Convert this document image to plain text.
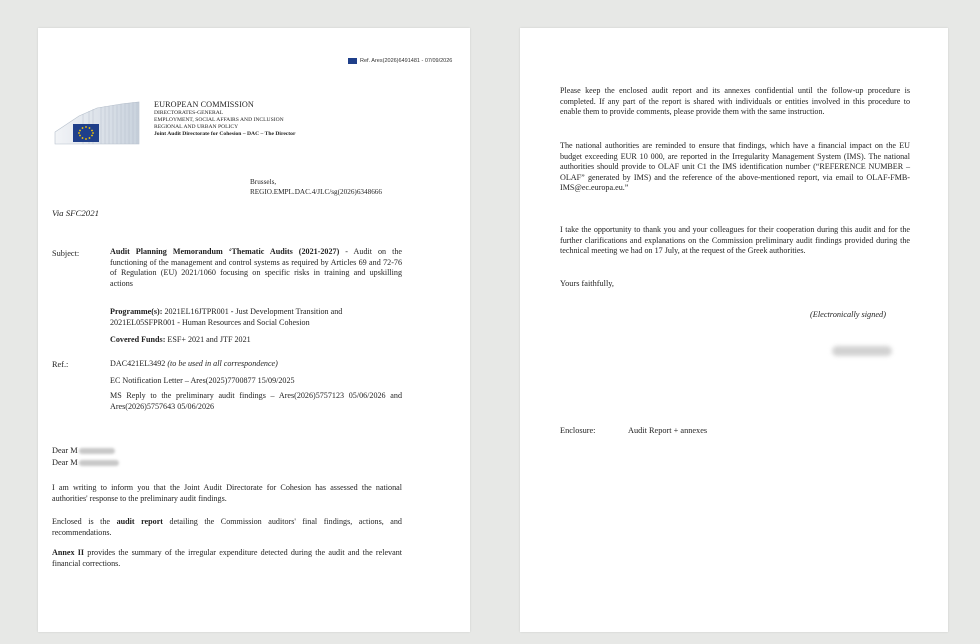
Ref. Ares(2026)6491481 - 07/09/2026
EUROPEAN COMMISSION
DIRECTORATES-GENERAL
EMPLOYMENT, SOCIAL AFFAIRS AND INCLUSION
REGIONAL AND URBAN POLICY
Joint Audit Directorate for Cohesion – DAC – The Director
Brussels,
REGIO.EMPL.DAC.4/JLC/sg(2026)6348666
Via SFC2021
Subject:	Audit Planning Memorandum ‘Thematic Audits (2021-2027) - Audit on the functioning of the management and control systems as required by Articles 69 and 72-76 of Regulation (EU) 2021/1060 focusing on specific risks in training and upskilling actions
Programme(s): 2021EL16JTPR001 - Just Development Transition and 2021EL05SFPR001 - Human Resources and Social Cohesion
Covered Funds: ESF+ 2021 and JTF 2021
Ref.:	DAC421EL3492 (to be used in all correspondence)
EC Notification Letter – Ares(2025)7700877 15/09/2025
MS Reply to the preliminary audit findings – Ares(2026)5757123 05/06/2026 and Ares(2026)5757643 05/06/2026
Dear M
Dear M
I am writing to inform you that the Joint Audit Directorate for Cohesion has assessed the national authorities' response to the preliminary audit findings.
Enclosed is the audit report detailing the Commission auditors' final findings, actions, and recommendations.
Annex II provides the summary of the irregular expenditure detected during the audit and the relevant financial corrections.
Please keep the enclosed audit report and its annexes confidential until the follow-up procedure is completed. If any part of the report is shared with individuals or entities involved in this procedure to enable them to provide comments, please provide them with the same instruction.
The national authorities are reminded to ensure that findings, which have a financial impact on the EU budget exceeding EUR 10 000, are reported in the Irregularity Management System (IMS). The national authorities should provide to OLAF unit C1 the IMS identification number (“REFERENCE NUMBER – OLAF” generated by IMS) and the reference of the above-mentioned report, via email to OLAF-FMB-IMS@ec.europa.eu.”
I take the opportunity to thank you and your colleagues for their cooperation during this audit and for the further clarifications and explanations on the Commission preliminary audit findings provided during the technical meeting we had on 17 July, at the request of the Greek authorities.
Yours faithfully,
(Electronically signed)
Enclosure:	Audit Report + annexes
